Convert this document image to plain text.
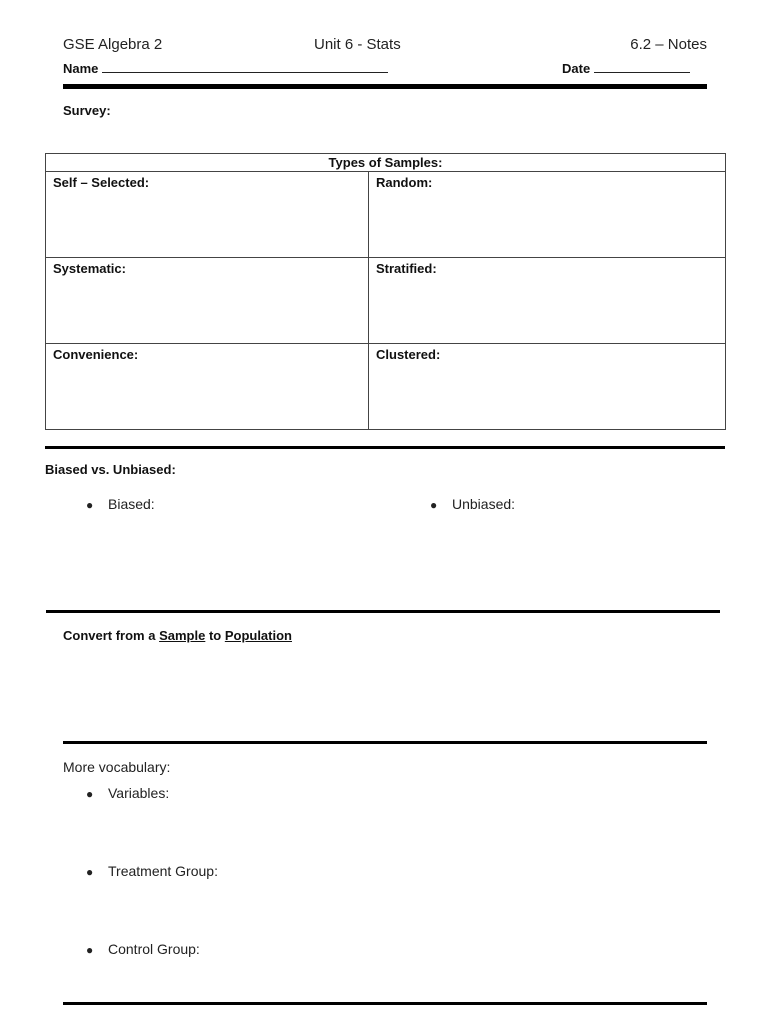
GSE Algebra 2	Unit 6 - Stats	6.2 – Notes
Name	Date
Survey:
Types of Samples:	
Self – Selected:	Random:
Systematic:	Stratified:
Convenience:	Clustered:
Biased vs. Unbiased:
● Biased:	● Unbiased:
Convert from a Sample to Population
More vocabulary:
● Variables:
● Treatment Group:
● Control Group:
